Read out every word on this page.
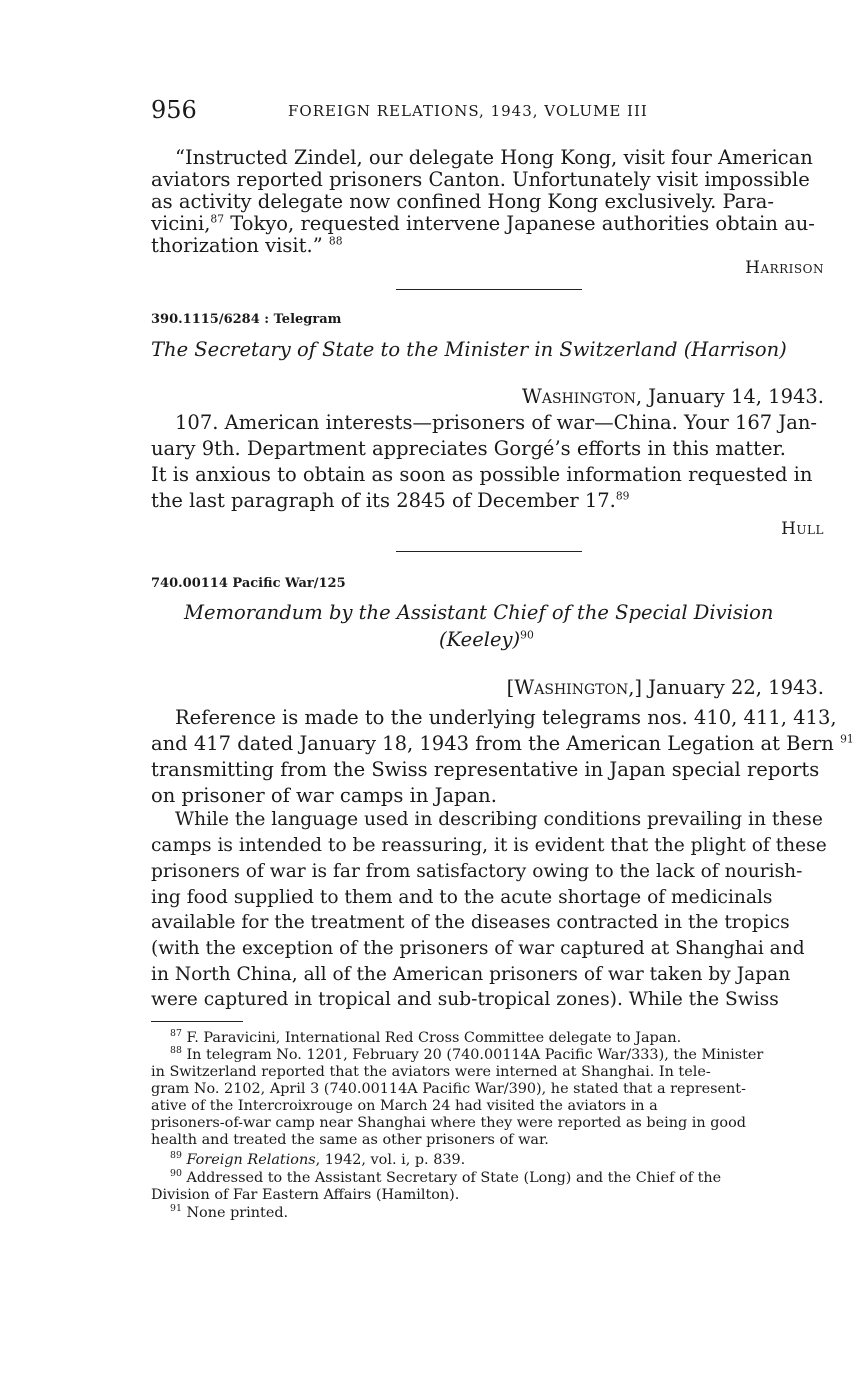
956	FOREIGN RELATIONS, 1943, VOLUME III
“Instructed Zindel, our delegate Hong Kong, visit four American
aviators reported prisoners Canton. Unfortunately visit impossible
as activity delegate now confined Hong Kong exclusively. Para-
vicini,$^{87}$ Tokyo, requested intervene Japanese authorities obtain au-
thorization visit.” $^{88}$
Harrison
390.1115/6284 : Telegram
The Secretary of State to the Minister in Switzerland (Harrison)
Washington, January 14, 1943.
107. American interests—prisoners of war—China. Your 167 Jan-
uary 9th. Department appreciates Gorgé’s efforts in this matter.
It is anxious to obtain as soon as possible information requested in
the last paragraph of its 2845 of December 17.89
Hull
740.00114 Pacific War/125
Memorandum by the Assistant Chief of the Special Division
(Keeley)$^{90}$
[Washington,] January 22, 1943.
Reference is made to the underlying telegrams nos. 410, 411, 413,
and 417 dated January 18, 1943 from the American Legation at Bern $^{91}$
transmitting from the Swiss representative in Japan special reports
on prisoner of war camps in Japan.
While the language used in describing conditions prevailing in these
camps is intended to be reassuring, it is evident that the plight of these
prisoners of war is far from satisfactory owing to the lack of nourish-
ing food supplied to them and to the acute shortage of medicinals
available for the treatment of the diseases contracted in the tropics
(with the exception of the prisoners of war captured at Shanghai and
in North China, all of the American prisoners of war taken by Japan
were captured in tropical and sub-tropical zones). While the Swiss
$^{87}$ F. Paravicini, International Red Cross Committee delegate to Japan.
$^{88}$ In telegram No. 1201, February 20 (740.00114A Pacific War/333), the Minister
in Switzerland reported that the aviators were interned at Shanghai. In tele-
gram No. 2102, April 3 (740.00114A Pacific War/390), he stated that a represent-
ative of the Intercroixrouge on March 24 had visited the aviators in a
prisoners-of-war camp near Shanghai where they were reported as being in good
health and treated the same as other prisoners of war.
$^{89}$ Foreign Relations, 1942, vol. i, p. 839.
$^{90}$ Addressed to the Assistant Secretary of State (Long) and the Chief of the
Division of Far Eastern Affairs (Hamilton).
$^{91}$ None printed.
